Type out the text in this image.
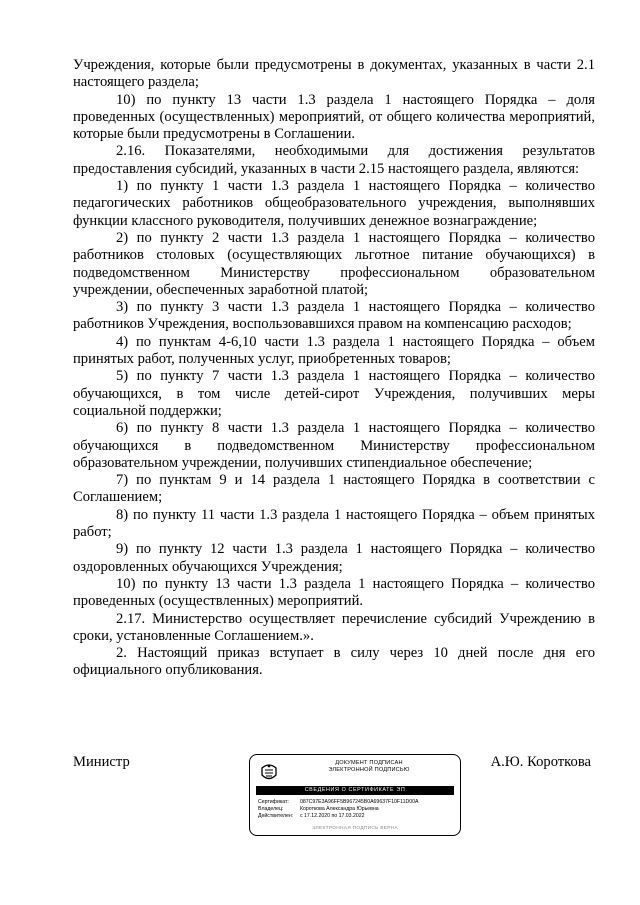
Учреждения, которые были предусмотрены в документах, указанных в части 2.1 настоящего раздела;

10) по пункту 13 части 1.3 раздела 1 настоящего Порядка – доля проведенных (осуществленных) мероприятий, от общего количества мероприятий, которые были предусмотрены в Соглашении.

2.16. Показателями, необходимыми для достижения результатов предоставления субсидий, указанных в части 2.15 настоящего раздела, являются:

1) по пункту 1 части 1.3 раздела 1 настоящего Порядка – количество педагогических работников общеобразовательного учреждения, выполнявших функции классного руководителя, получивших денежное вознаграждение;

2) по пункту 2 части 1.3 раздела 1 настоящего Порядка – количество работников столовых (осуществляющих льготное питание обучающихся) в подведомственном Министерству профессиональном образовательном учреждении, обеспеченных заработной платой;

3) по пункту 3 части 1.3 раздела 1 настоящего Порядка – количество работников Учреждения, воспользовавшихся правом на компенсацию расходов;

4) по пунктам 4-6,10 части 1.3 раздела 1 настоящего Порядка – объем принятых работ, полученных услуг, приобретенных товаров;

5) по пункту 7 части 1.3 раздела 1 настоящего Порядка – количество обучающихся, в том числе детей-сирот Учреждения, получивших меры социальной поддержки;

6) по пункту 8 части 1.3 раздела 1 настоящего Порядка – количество обучающихся в подведомственном Министерству профессиональном образовательном учреждении, получивших стипендиальное обеспечение;

7) по пунктам 9 и 14 раздела 1 настоящего Порядка в соответствии с Соглашением;

8) по пункту 11 части 1.3 раздела 1 настоящего Порядка – объем принятых работ;

9) по пункту 12 части 1.3 раздела 1 настоящего Порядка – количество оздоровленных обучающихся Учреждения;

10) по пункту 13 части 1.3 раздела 1 настоящего Порядка – количество проведенных (осуществленных) мероприятий.

2.17. Министерство осуществляет перечисление субсидий Учреждению в сроки, установленные Соглашением.».

2. Настоящий приказ вступает в силу через 10 дней после дня его официального опубликования.

Министр	ДОКУМЕНТ ПОДПИСАН
ЭЛЕКТРОННОЙ ПОДПИСЬЮ
СВЕДЕНИЯ О СЕРТИФИКАТЕ ЭП
Сертификат: 087C97E3A96FF5B967245B0A69637F10F11D00A
Владелец:	Короткова Александра Юрьевна
Действителен: с 17.12.2020 по 17.03.2022
ЭЛЕКТРОННАЯ ПОДПИСЬ ВЕРНА
А.Ю. Короткова
